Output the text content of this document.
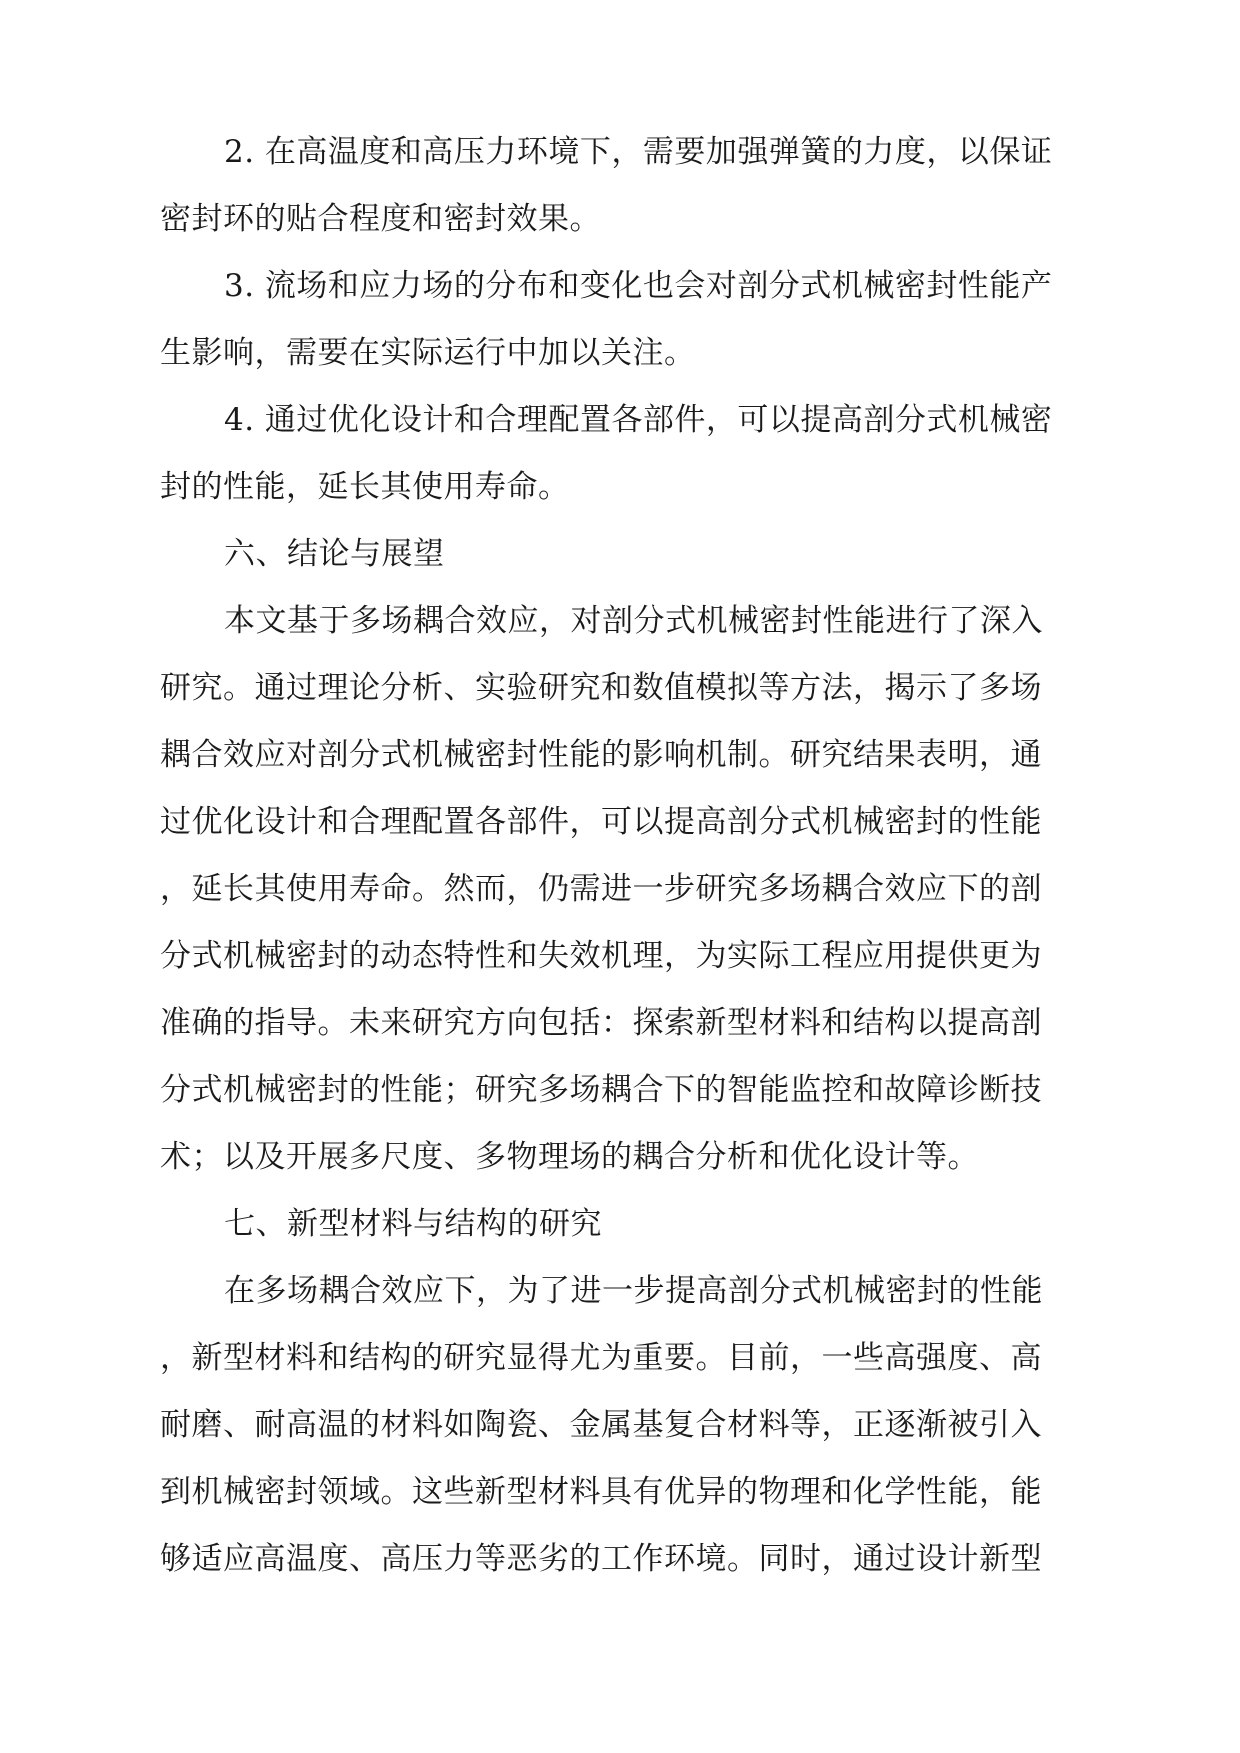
2. 在高温度和高压力环境下，需要加强弹簧的力度，以保证
密封环的贴合程度和密封效果。

3. 流场和应力场的分布和变化也会对剖分式机械密封性能产
生影响，需要在实际运行中加以关注。

4. 通过优化设计和合理配置各部件，可以提高剖分式机械密
封的性能，延长其使用寿命。

六、结论与展望

本文基于多场耦合效应，对剖分式机械密封性能进行了深入
研究。通过理论分析、实验研究和数值模拟等方法，揭示了多场
耦合效应对剖分式机械密封性能的影响机制。研究结果表明，通
过优化设计和合理配置各部件，可以提高剖分式机械密封的性能
，延长其使用寿命。然而，仍需进一步研究多场耦合效应下的剖
分式机械密封的动态特性和失效机理，为实际工程应用提供更为
准确的指导。未来研究方向包括：探索新型材料和结构以提高剖
分式机械密封的性能；研究多场耦合下的智能监控和故障诊断技
术；以及开展多尺度、多物理场的耦合分析和优化设计等。

七、新型材料与结构的研究

在多场耦合效应下，为了进一步提高剖分式机械密封的性能
，新型材料和结构的研究显得尤为重要。目前，一些高强度、高
耐磨、耐高温的材料如陶瓷、金属基复合材料等，正逐渐被引入
到机械密封领域。这些新型材料具有优异的物理和化学性能，能
够适应高温度、高压力等恶劣的工作环境。同时，通过设计新型
